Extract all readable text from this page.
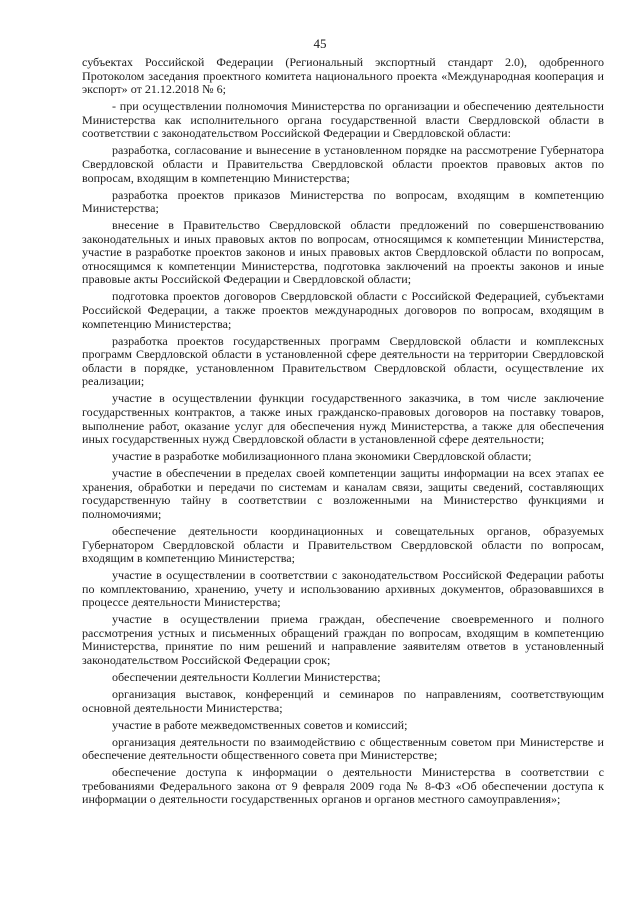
45

субъектах Российской Федерации (Региональный экспортный стандарт 2.0), одобренного Протоколом заседания проектного комитета национального проекта «Международная кооперация и экспорт» от 21.12.2018 № 6;

- при осуществлении полномочия Министерства по организации и обеспечению деятельности Министерства как исполнительного органа государственной власти Свердловской области в соответствии с законодательством Российской Федерации и Свердловской области:

разработка, согласование и вынесение в установленном порядке на рассмотрение Губернатора Свердловской области и Правительства Свердловской области проектов правовых актов по вопросам, входящим в компетенцию Министерства;

разработка проектов приказов Министерства по вопросам, входящим в компетенцию Министерства;

внесение в Правительство Свердловской области предложений по совершенствованию законодательных и иных правовых актов по вопросам, относящимся к компетенции Министерства, участие в разработке проектов законов и иных правовых актов Свердловской области по вопросам, относящимся к компетенции Министерства, подготовка заключений на проекты законов и иные правовые акты Российской Федерации и Свердловской области;

подготовка проектов договоров Свердловской области с Российской Федерацией, субъектами Российской Федерации, а также проектов международных договоров по вопросам, входящим в компетенцию Министерства;

разработка проектов государственных программ Свердловской области и комплексных программ Свердловской области в установленной сфере деятельности на территории Свердловской области в порядке, установленном Правительством Свердловской области, осуществление их реализации;

участие в осуществлении функции государственного заказчика, в том числе заключение государственных контрактов, а также иных гражданско-правовых договоров на поставку товаров, выполнение работ, оказание услуг для обеспечения нужд Министерства, а также для обеспечения иных государственных нужд Свердловской области в установленной сфере деятельности;

участие в разработке мобилизационного плана экономики Свердловской области;

участие в обеспечении в пределах своей компетенции защиты информации на всех этапах ее хранения, обработки и передачи по системам и каналам связи, защиты сведений, составляющих государственную тайну в соответствии с возложенными на Министерство функциями и полномочиями;

обеспечение деятельности координационных и совещательных органов, образуемых Губернатором Свердловской области и Правительством Свердловской области по вопросам, входящим в компетенцию Министерства;

участие в осуществлении в соответствии с законодательством Российской Федерации работы по комплектованию, хранению, учету и использованию архивных документов, образовавшихся в процессе деятельности Министерства;

участие в осуществлении приема граждан, обеспечение своевременного и полного рассмотрения устных и письменных обращений граждан по вопросам, входящим в компетенцию Министерства, принятие по ним решений и направление заявителям ответов в установленный законодательством Российской Федерации срок;

обеспечении деятельности Коллегии Министерства;

организация выставок, конференций и семинаров по направлениям, соответствующим основной деятельности Министерства;

участие в работе межведомственных советов и комиссий;

организация деятельности по взаимодействию с общественным советом при Министерстве и обеспечение деятельности общественного совета при Министерстве;

обеспечение доступа к информации о деятельности Министерства в соответствии с требованиями Федерального закона от 9 февраля 2009 года № 8-ФЗ «Об обеспечении доступа к информации о деятельности государственных органов и органов местного самоуправления»;
